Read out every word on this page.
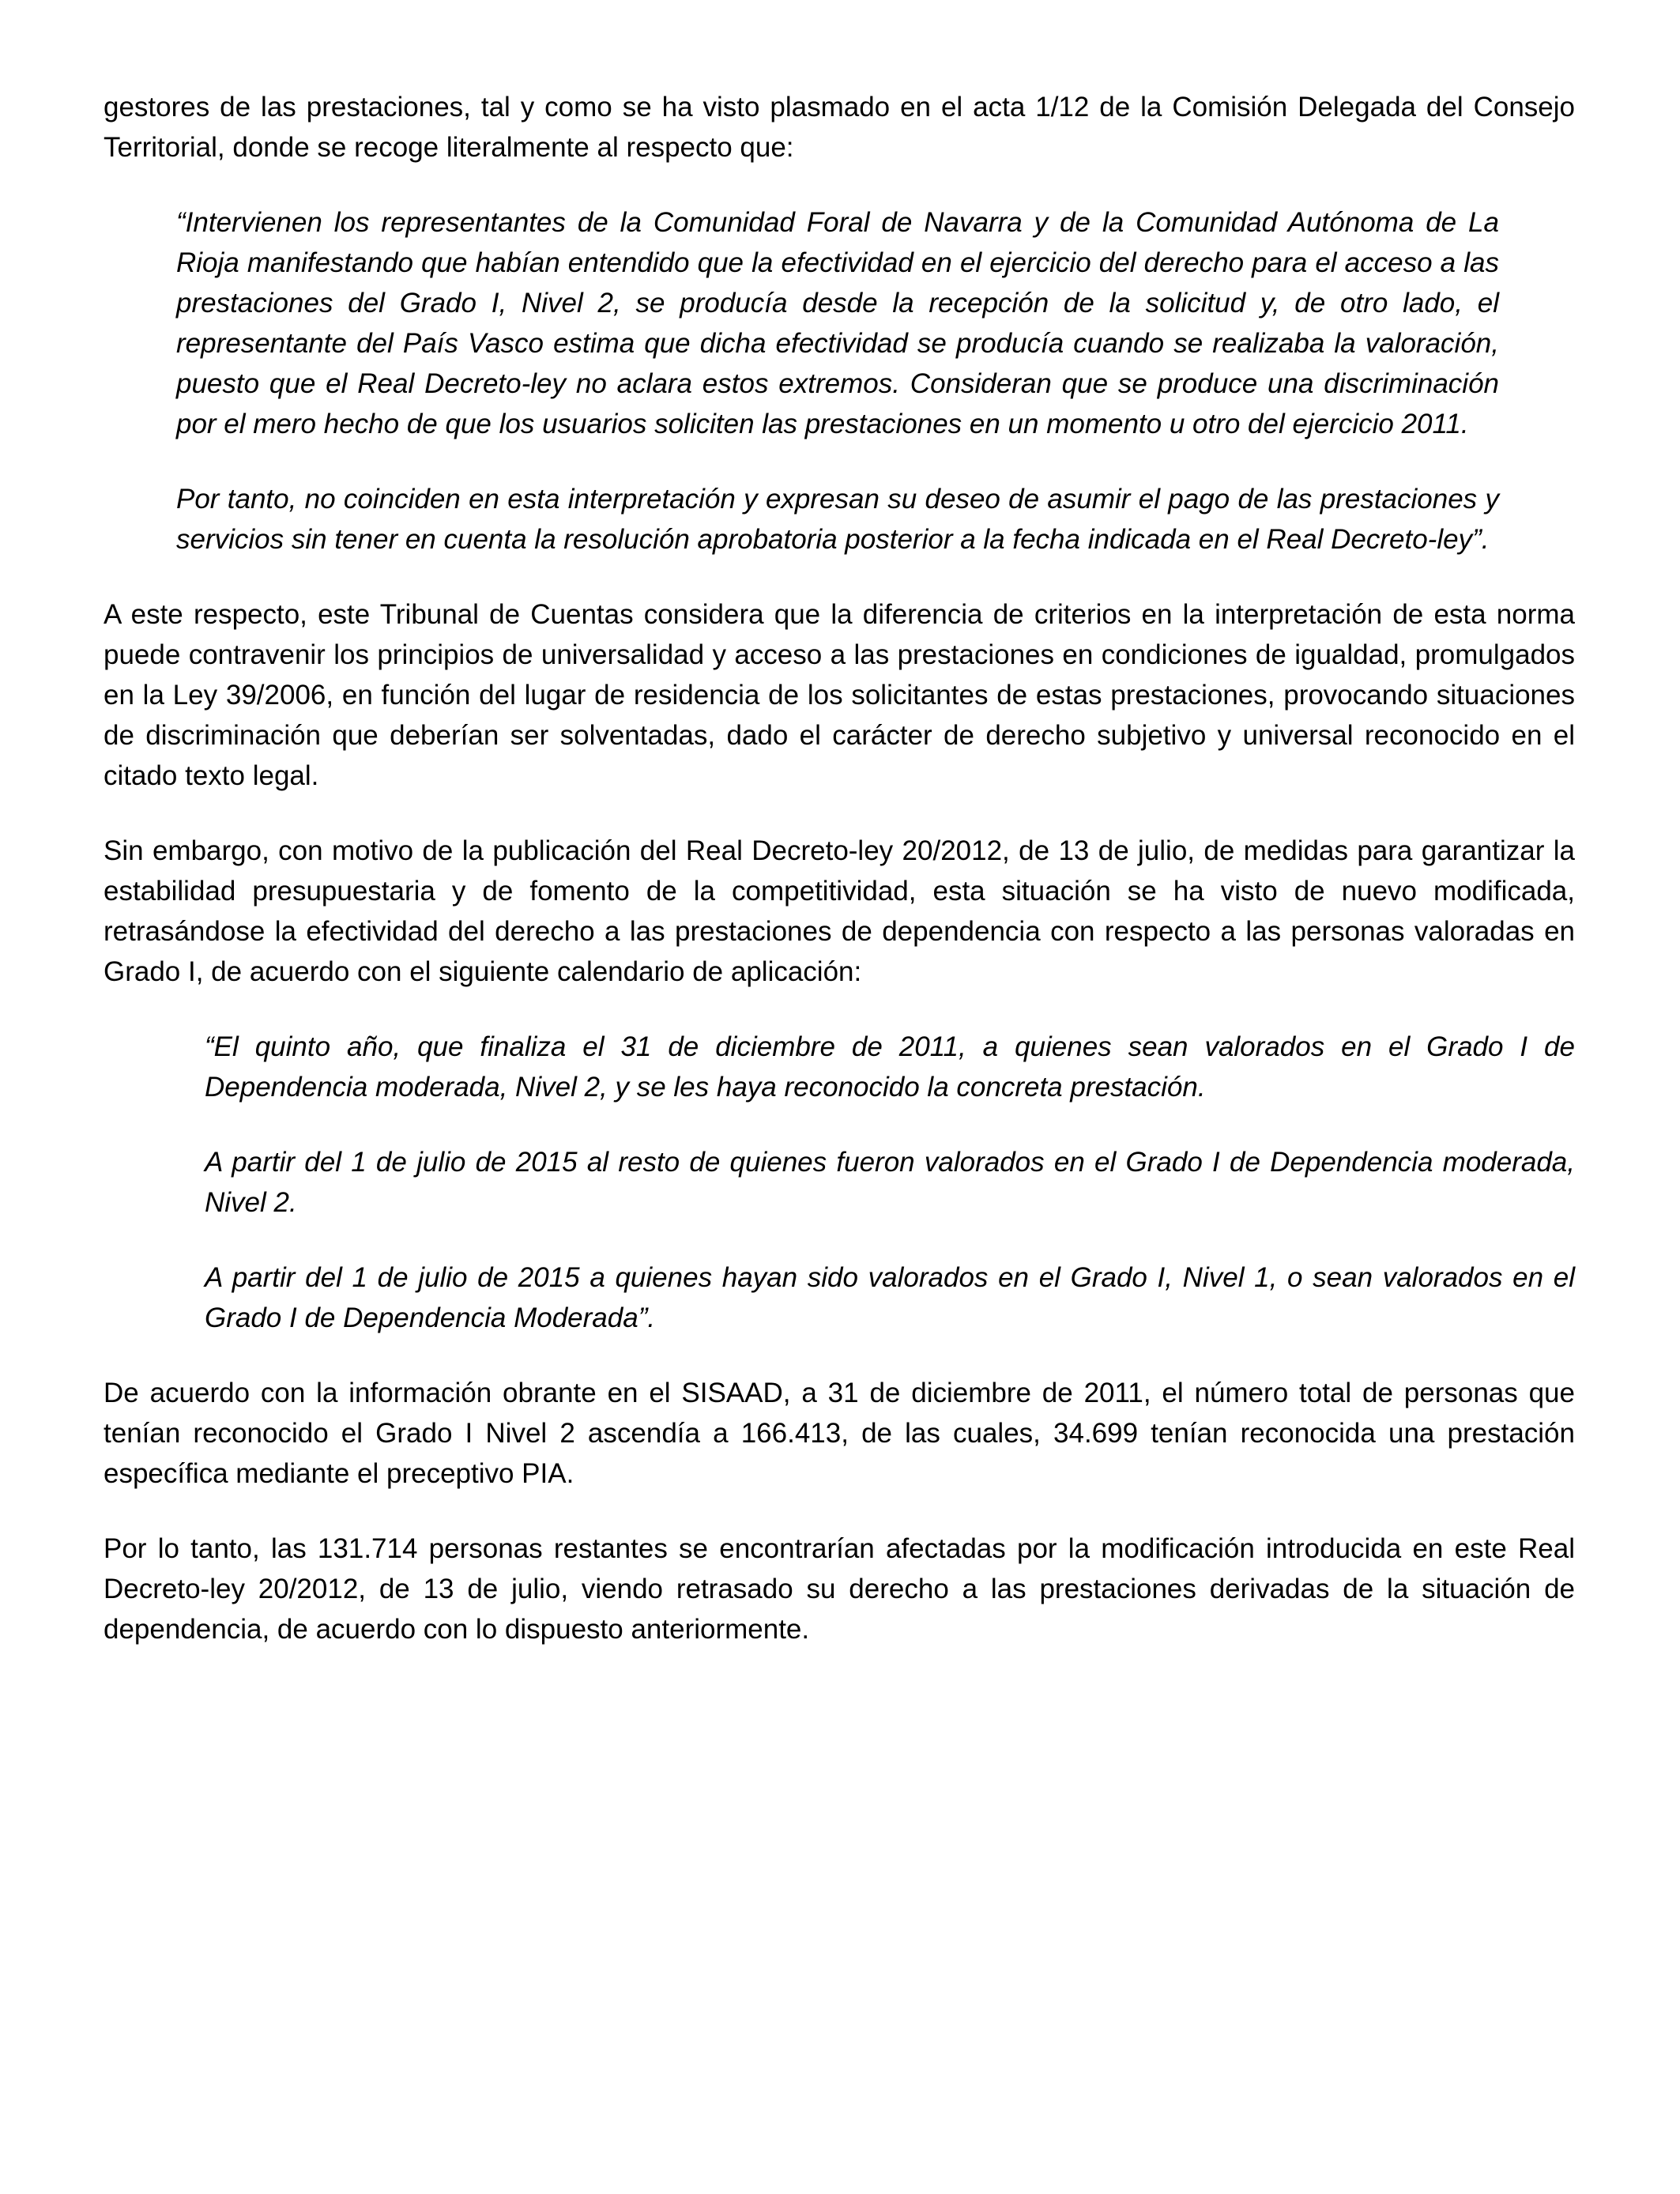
gestores de las prestaciones, tal y como se ha visto plasmado en el acta 1/12 de la Comisión Delegada del Consejo Territorial, donde se recoge literalmente al respecto que:

“Intervienen los representantes de la Comunidad Foral de Navarra y de la Comunidad Autónoma de La Rioja manifestando que habían entendido que la efectividad en el ejercicio del derecho para el acceso a las prestaciones del Grado I, Nivel 2, se producía desde la recepción de la solicitud y, de otro lado, el representante del País Vasco estima que dicha efectividad se producía cuando se realizaba la valoración, puesto que el Real Decreto-ley no aclara estos extremos. Consideran que se produce una discriminación por el mero hecho de que los usuarios soliciten las prestaciones en un momento u otro del ejercicio 2011.

Por tanto, no coinciden en esta interpretación y expresan su deseo de asumir el pago de las prestaciones y servicios sin tener en cuenta la resolución aprobatoria posterior a la fecha indicada en el Real Decreto-ley”.

A este respecto, este Tribunal de Cuentas considera que la diferencia de criterios en la interpretación de esta norma puede contravenir los principios de universalidad y acceso a las prestaciones en condiciones de igualdad, promulgados en la Ley 39/2006, en función del lugar de residencia de los solicitantes de estas prestaciones, provocando situaciones de discriminación que deberían ser solventadas, dado el carácter de derecho subjetivo y universal reconocido en el citado texto legal.

Sin embargo, con motivo de la publicación del Real Decreto-ley 20/2012, de 13 de julio, de medidas para garantizar la estabilidad presupuestaria y de fomento de la competitividad, esta situación se ha visto de nuevo modificada, retrasándose la efectividad del derecho a las prestaciones de dependencia con respecto a las personas valoradas en Grado I, de acuerdo con el siguiente calendario de aplicación:

“El quinto año, que finaliza el 31 de diciembre de 2011, a quienes sean valorados en el Grado I de Dependencia moderada, Nivel 2, y se les haya reconocido la concreta prestación.

A partir del 1 de julio de 2015 al resto de quienes fueron valorados en el Grado I de Dependencia moderada, Nivel 2.

A partir del 1 de julio de 2015 a quienes hayan sido valorados en el Grado I, Nivel 1, o sean valorados en el Grado I de Dependencia Moderada”.

De acuerdo con la información obrante en el SISAAD, a 31 de diciembre de 2011, el número total de personas que tenían reconocido el Grado I Nivel 2 ascendía a 166.413, de las cuales, 34.699 tenían reconocida una prestación específica mediante el preceptivo PIA.

Por lo tanto, las 131.714 personas restantes se encontrarían afectadas por la modificación introducida en este Real Decreto-ley 20/2012, de 13 de julio, viendo retrasado su derecho a las prestaciones derivadas de la situación de dependencia, de acuerdo con lo dispuesto anteriormente.
